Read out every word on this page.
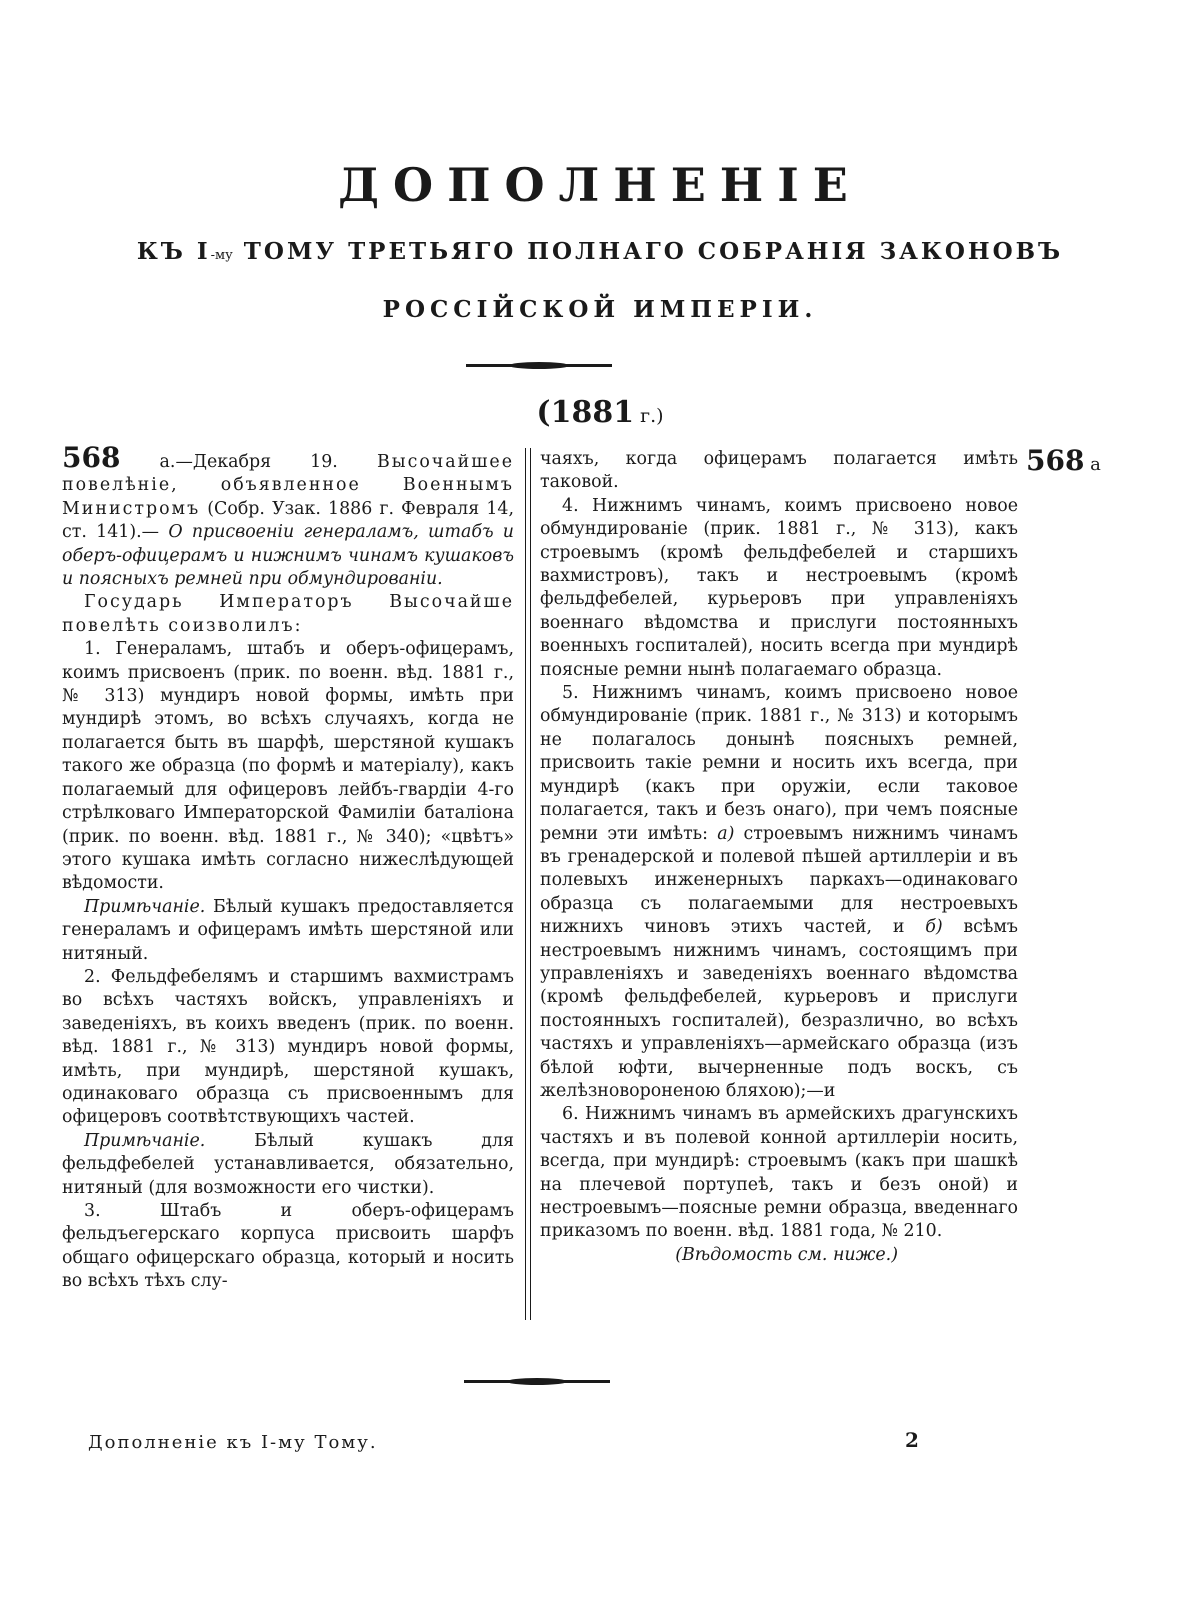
ДОПОЛНЕНІЕ
КЪ I-му ТОМУ ТРЕТЬЯГО ПОЛНАГО СОБРАНІЯ ЗАКОНОВЪ
РОССІЙСКОЙ ИМПЕРІИ.
(1881 г.)

568 а.—Декабря 19. Высочайшее повелѣніе, объявленное Военнымъ Министромъ (Собр. Узак. 1886 г. Февраля 14, ст. 141).— О присвоеніи генераламъ, штабъ и оберъ-офицерамъ и нижнимъ чинамъ кушаковъ и поясныхъ ремней при обмундированіи.

Государь Императоръ Высочайше повелѣть соизволилъ:

1. Генераламъ, штабъ и оберъ-офицерамъ, коимъ присвоенъ (прик. по военн. вѣд. 1881 г., № 313) мундиръ новой формы, имѣть при мундирѣ этомъ, во всѣхъ случаяхъ, когда не полагается быть въ шарфѣ, шерстяной кушакъ такого же образца (по формѣ и матеріалу), какъ полагаемый для офицеровъ лейбъ-гвардіи 4-го стрѣлковаго Императорской Фамиліи баталіона (прик. по военн. вѣд. 1881 г., № 340); «цвѣтъ» этого кушака имѣть согласно нижеслѣдующей вѣдомости.

Примѣчаніе. Бѣлый кушакъ предоставляется генераламъ и офицерамъ имѣть шерстяной или нитяный.

2. Фельдфебелямъ и старшимъ вахмистрамъ во всѣхъ частяхъ войскъ, управленіяхъ и заведеніяхъ, въ коихъ введенъ (прик. по военн. вѣд. 1881 г., № 313) мундиръ новой формы, имѣть, при мундирѣ, шерстяной кушакъ, одинаковаго образца съ присвоеннымъ для офицеровъ соотвѣтствующихъ частей.

Примѣчаніе. Бѣлый кушакъ для фельдфебелей устанавливается, обязательно, нитяный (для возможности его чистки).

3. Штабъ и оберъ-офицерамъ фельдъегерскаго корпуса присвоить шарфъ общаго офицерскаго образца, который и носить во всѣхъ тѣхъ слу-

чаяхъ, когда офицерамъ полагается имѣть таковой.

4. Нижнимъ чинамъ, коимъ присвоено новое обмундированіе (прик. 1881 г., № 313), какъ строевымъ (кромѣ фельдфебелей и старшихъ вахмистровъ), такъ и нестроевымъ (кромѣ фельдфебелей, курьеровъ при управленіяхъ военнаго вѣдомства и прислуги постоянныхъ военныхъ госпиталей), носить всегда при мундирѣ поясные ремни нынѣ полагаемаго образца.

5. Нижнимъ чинамъ, коимъ присвоено новое обмундированіе (прик. 1881 г., № 313) и которымъ не полагалось донынѣ поясныхъ ремней, присвоить такіе ремни и носить ихъ всегда, при мундирѣ (какъ при оружіи, если таковое полагается, такъ и безъ онаго), при чемъ поясные ремни эти имѣть: а) строевымъ нижнимъ чинамъ въ гренадерской и полевой пѣшей артиллеріи и въ полевыхъ инженерныхъ паркахъ—одинаковаго образца съ полагаемыми для нестроевыхъ нижнихъ чиновъ этихъ частей, и б) всѣмъ нестроевымъ нижнимъ чинамъ, состоящимъ при управленіяхъ и заведеніяхъ военнаго вѣдомства (кромѣ фельдфебелей, курьеровъ и прислуги постоянныхъ госпиталей), безразлично, во всѣхъ частяхъ и управленіяхъ—армейскаго образца (изъ бѣлой юфти, вычерненные подъ воскъ, съ желѣзновороненою бляхою);—и

6. Нижнимъ чинамъ въ армейскихъ драгунскихъ частяхъ и въ полевой конной артиллеріи носить, всегда, при мундирѣ: строевымъ (какъ при шашкѣ на плечевой портупеѣ, такъ и безъ оной) и нестроевымъ—поясные ремни образца, введеннаго приказомъ по военн. вѣд. 1881 года, № 210.

(Вѣдомость см. ниже.)

568 а
Дополненіе къ I-му Тому.	2
